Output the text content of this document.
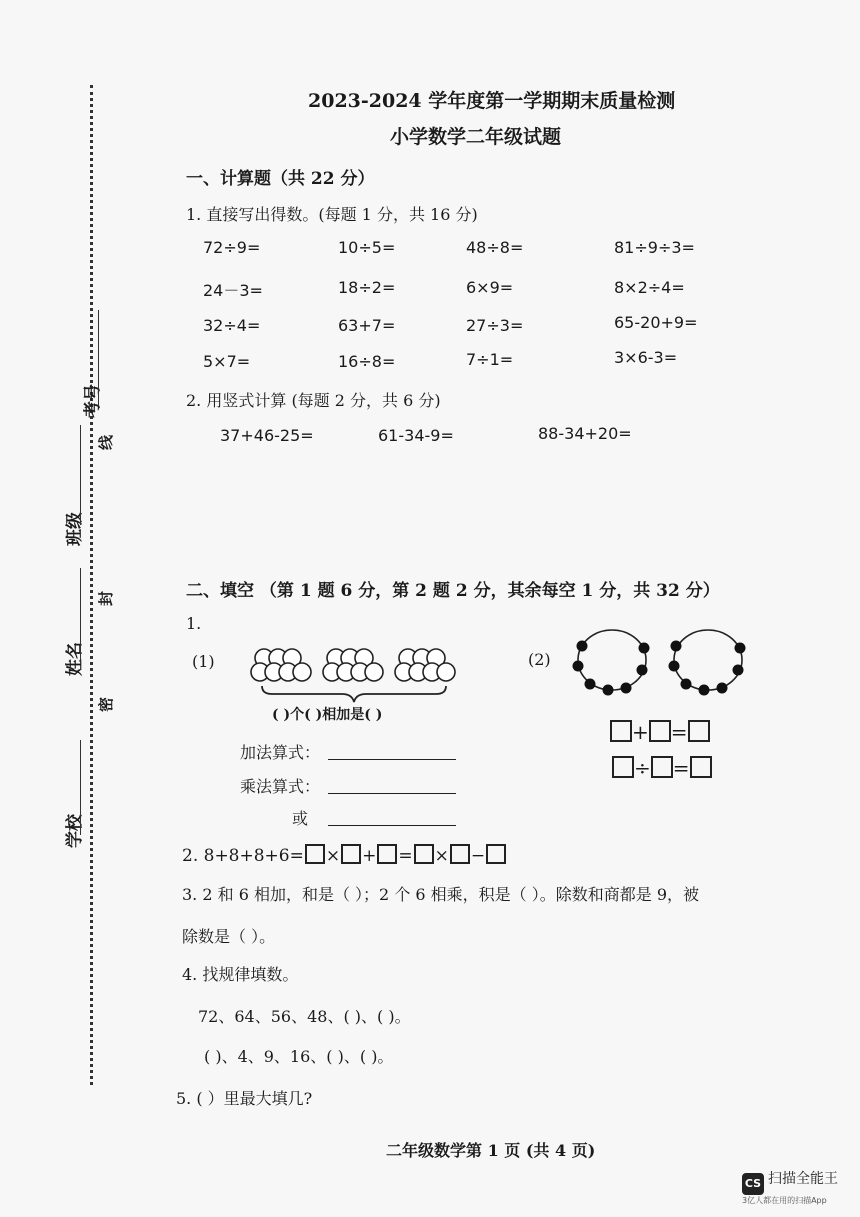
学校
姓名
密
班级
封
考号
线
2023-2024 学年度第一学期期末质量检测
小学数学二年级试题
一、计算题（共 22 分）
1. 直接写出得数。(每题 1 分，共 16 分)
72÷9=	10÷5=	48÷8=	81÷9÷3=
24－3=	18÷2=	6×9=	8×2÷4=
32÷4=	63+7=	27÷3=	65-20+9=
5×7=	16÷8=	7÷1=	3×6-3=
2. 用竖式计算 (每题 2 分，共 6 分)
37+46-25=	61-34-9=	88-34+20=
二、填空 （第 1 题 6 分，第 2 题 2 分，其余每空 1 分，共 32 分）
1.
(1)
( )个( )相加是( )
加法算式：

乘法算式：

或

(2)
+ =
÷ =
2. 8+8+8+6= × + = × −
3. 2 和 6 相加，和是（ ）；2 个 6 相乘，积是（ ）。除数和商都是 9，被
除数是（ ）。
4. 找规律填数。
72、64、56、48、( )、( )。
( )、4、9、16、( )、( )。
5. ( ）里最大填几?
二年级数学第 1 页 (共 4 页)
CS 扫描全能王
3亿人都在用的扫描App
